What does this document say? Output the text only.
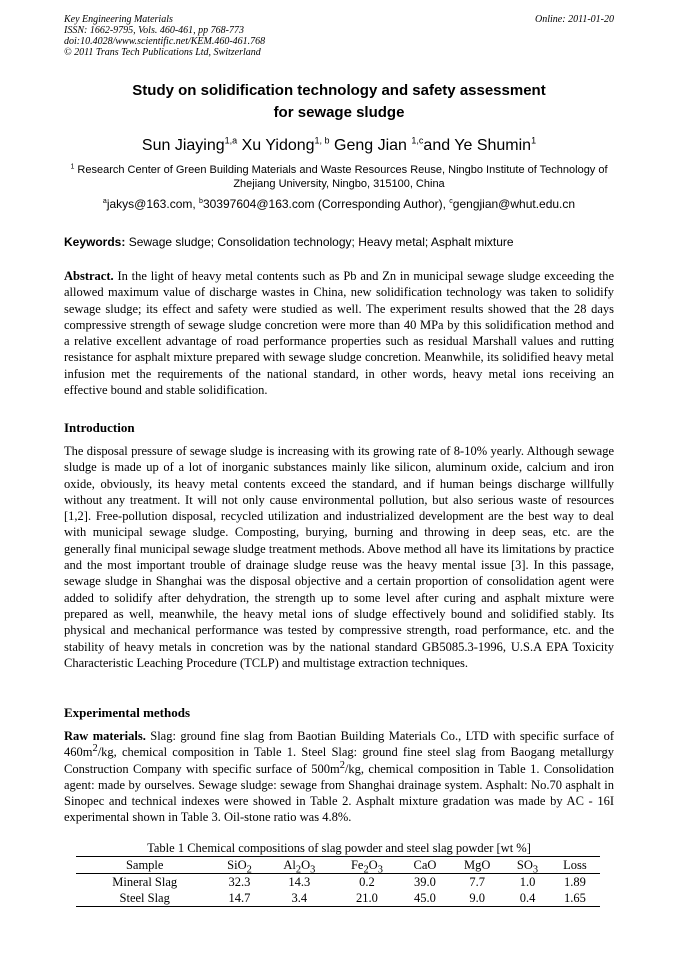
Key Engineering Materials
ISSN: 1662-9795, Vols. 460-461, pp 768-773
doi:10.4028/www.scientific.net/KEM.460-461.768
© 2011 Trans Tech Publications Ltd, Switzerland
Online: 2011-01-20
Study on solidification technology and safety assessment
for sewage sludge
Sun Jiaying$^{1,a}$ Xu Yidong$^{1, b}$ Geng Jian $^{1,c}$and Ye Shumin$^1$
$^1$ Research Center of Green Building Materials and Waste Resources Reuse, Ningbo Institute of Technology of Zhejiang University, Ningbo, 315100, China
$^a$jakys@163.com, $^b$30397604@163.com (Corresponding Author), $^c$gengjian@whut.edu.cn
Keywords: Sewage sludge; Consolidation technology; Heavy metal; Asphalt mixture
Abstract. In the light of heavy metal contents such as Pb and Zn in municipal sewage sludge exceeding the allowed maximum value of discharge wastes in China, new solidification technology was taken to solidify sewage sludge; its effect and safety were studied as well. The experiment results showed that the 28 days compressive strength of sewage sludge concretion were more than 40 MPa by this solidification method and a relative excellent advantage of road performance properties such as residual Marshall values and rutting resistance for asphalt mixture prepared with sewage sludge concretion. Meanwhile, its solidified heavy metal infusion met the requirements of the national standard, in other words, heavy metal ions receiving an effective bound and stable solidification.
Introduction
The disposal pressure of sewage sludge is increasing with its growing rate of 8-10% yearly. Although sewage sludge is made up of a lot of inorganic substances mainly like silicon, aluminum oxide, calcium and iron oxide, obviously, its heavy metal contents exceed the standard, and if human beings discharge willfully without any treatment. It will not only cause environmental pollution, but also serious waste of resources [1,2]. Free-pollution disposal, recycled utilization and industrialized development are the best way to deal with municipal sewage sludge. Composting, burying, burning and throwing in deep seas, etc. are the generally final municipal sewage sludge treatment methods. Above method all have its limitations by practice and the most important trouble of drainage sludge reuse was the heavy mental issue [3]. In this passage, sewage sludge in Shanghai was the disposal objective and a certain proportion of consolidation agent were added to solidify after dehydration, the strength up to some level after curing and asphalt mixture were prepared as well, meanwhile, the heavy metal ions of sludge effectively bound and solidified stably. Its physical and mechanical performance was tested by compressive strength, road performance, etc. and the stability of heavy metals in concretion was by the national standard GB5085.3-1996, U.S.A EPA Toxicity Characteristic Leaching Procedure (TCLP) and multistage extraction techniques.
Experimental methods
Raw materials. Slag: ground fine slag from Baotian Building Materials Co., LTD with specific surface of $460m^2/kg$, chemical composition in Table 1. Steel Slag: ground fine steel slag from Baogang metallurgy Construction Company with specific surface of $500m^2/kg$, chemical composition in Table 1. Consolidation agent: made by ourselves. Sewage sludge: sewage from Shanghai drainage system. Asphalt: No.70 asphalt in Sinopec and technical indexes were showed in Table 2. Asphalt mixture gradation was made by AC - 16I experimental shown in Table 3. Oil-stone ratio was 4.8%.
Table 1 Chemical compositions of slag powder and steel slag powder [wt %]
Sample	SiO$_2$	$Al_2O_3$	$Fe_2O_3$	CaO	MgO	$SO_3$	Loss
Mineral Slag	32.3	14.3	0.2	39.0	7.7	1.0	1.89
Steel Slag	14.7	3.4	21.0	45.0	9.0	0.4	1.65
